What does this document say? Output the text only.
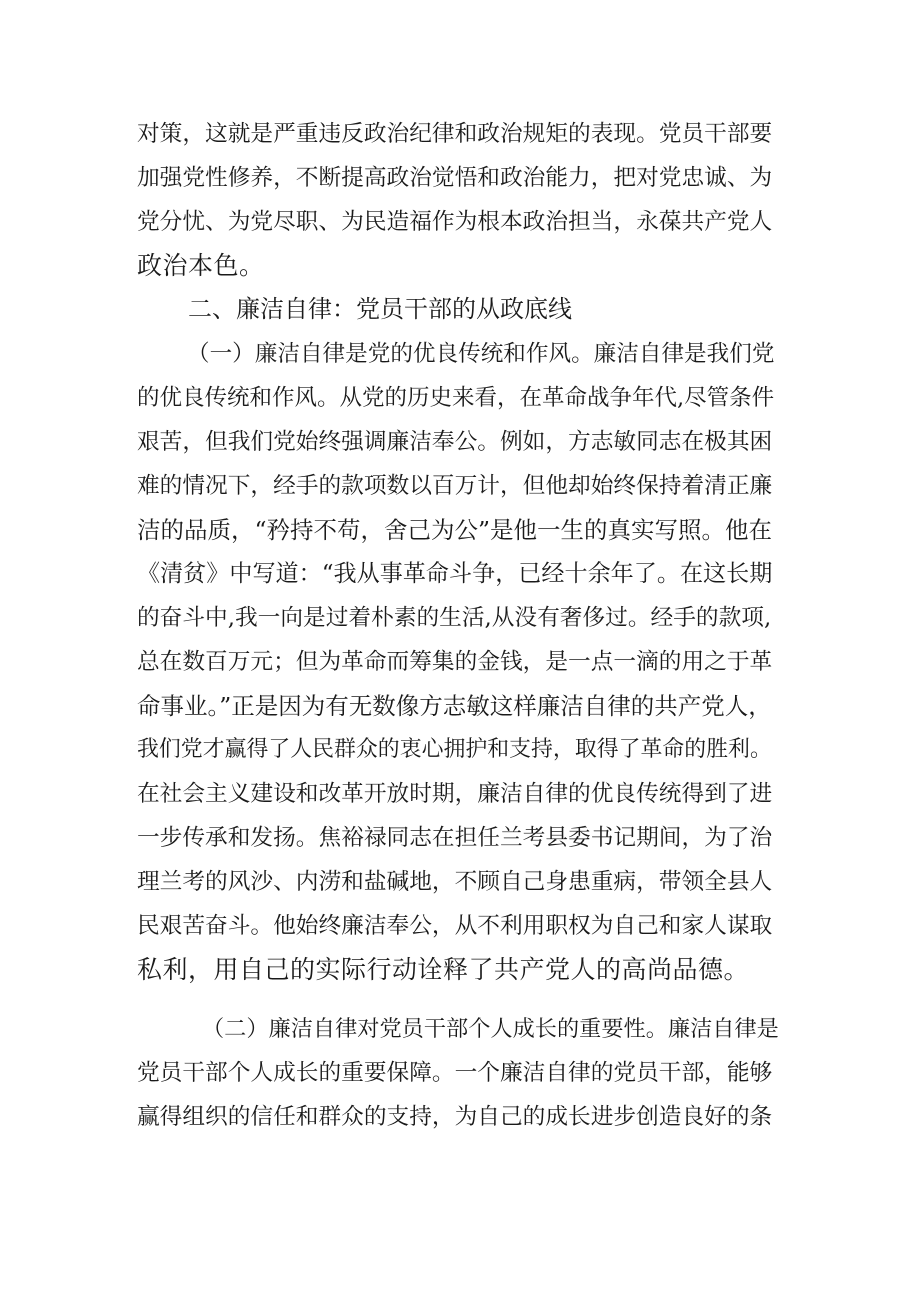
对策，这就是严重违反政治纪律和政治规矩的表现。党员干部要
加强党性修养，不断提高政治觉悟和政治能力，把对党忠诚、为
党分忧、为党尽职、为民造福作为根本政治担当，永葆共产党人
政治本色。
二、廉洁自律：党员干部的从政底线
（一）廉洁自律是党的优良传统和作风。廉洁自律是我们党
的优良传统和作风。从党的历史来看，在革命战争年代,尽管条件
艰苦，但我们党始终强调廉洁奉公。例如，方志敏同志在极其困
难的情况下，经手的款项数以百万计，但他却始终保持着清正廉
洁的品质，“矜持不苟，舍己为公”是他一生的真实写照。他在
《清贫》中写道：“我从事革命斗争，已经十余年了。在这长期
的奋斗中,我一向是过着朴素的生活,从没有奢侈过。经手的款项,
总在数百万元；但为革命而筹集的金钱，是一点一滴的用之于革
命事业。”正是因为有无数像方志敏这样廉洁自律的共产党人，
我们党才赢得了人民群众的衷心拥护和支持，取得了革命的胜利。
在社会主义建设和改革开放时期，廉洁自律的优良传统得到了进
一步传承和发扬。焦裕禄同志在担任兰考县委书记期间，为了治
理兰考的风沙、内涝和盐碱地，不顾自己身患重病，带领全县人
民艰苦奋斗。他始终廉洁奉公，从不利用职权为自己和家人谋取
私利，用自己的实际行动诠释了共产党人的高尚品德。
（二）廉洁自律对党员干部个人成长的重要性。廉洁自律是
党员干部个人成长的重要保障。一个廉洁自律的党员干部，能够
赢得组织的信任和群众的支持，为自己的成长进步创造良好的条
